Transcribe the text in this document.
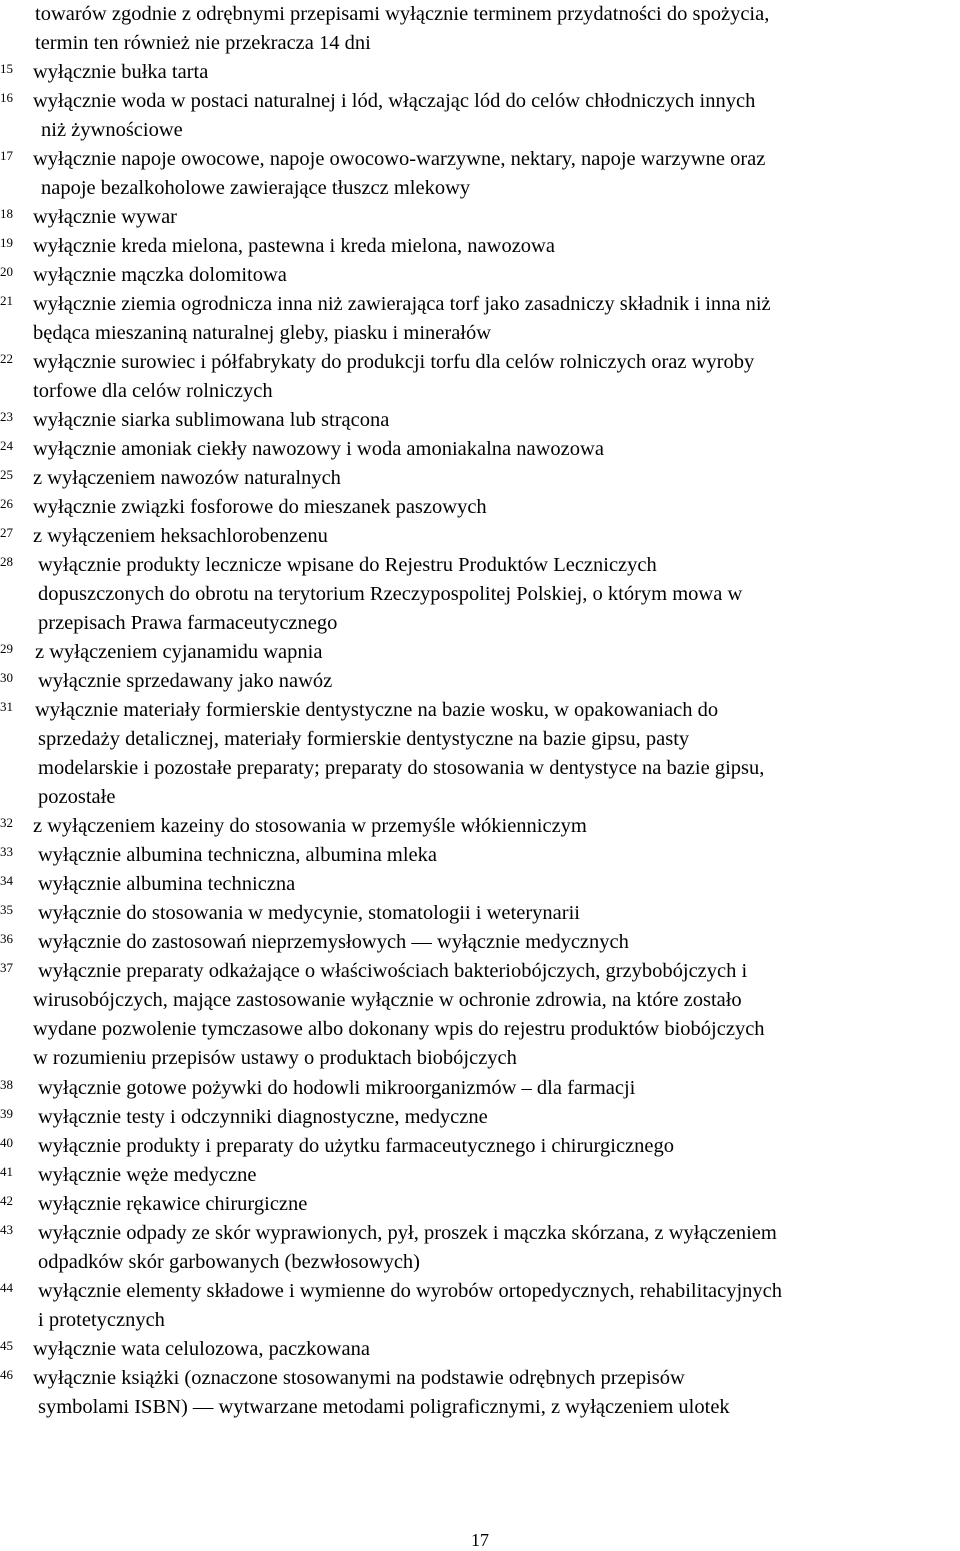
towarów zgodnie z odrębnymi przepisami wyłącznie terminem przydatności do spożycia,
termin ten również nie przekracza 14 dni
15 wyłącznie bułka tarta
16 wyłącznie woda w postaci naturalnej i lód, włączając lód do celów chłodniczych innych
niż żywnościowe
17 wyłącznie napoje owocowe, napoje owocowo-warzywne, nektary, napoje warzywne oraz
napoje bezalkoholowe zawierające tłuszcz mlekowy
18 wyłącznie wywar
19 wyłącznie kreda mielona, pastewna i kreda mielona, nawozowa
20 wyłącznie mączka dolomitowa
21 wyłącznie ziemia ogrodnicza inna niż zawierająca torf jako zasadniczy składnik i inna niż
będąca mieszaniną naturalnej gleby, piasku i minerałów
22 wyłącznie surowiec i półfabrykaty do produkcji torfu dla celów rolniczych oraz wyroby
torfowe dla celów rolniczych
23 wyłącznie siarka sublimowana lub strącona
24 wyłącznie amoniak ciekły nawozowy i woda amoniakalna nawozowa
25 z wyłączeniem nawozów naturalnych
26 wyłącznie związki fosforowe do mieszanek paszowych
27 z wyłączeniem heksachlorobenzenu
28	wyłącznie produkty lecznicze wpisane do Rejestru Produktów Leczniczych
dopuszczonych do obrotu na terytorium Rzeczypospolitej Polskiej, o którym mowa w
przepisach Prawa farmaceutycznego
29	z wyłączeniem cyjanamidu wapnia
30	wyłącznie sprzedawany jako nawóz
31	wyłącznie materiały formierskie dentystyczne na bazie wosku, w opakowaniach do
sprzedaży detalicznej, materiały formierskie dentystyczne na bazie gipsu, pasty
modelarskie i pozostałe preparaty; preparaty do stosowania w dentystyce na bazie gipsu,
pozostałe
32 z wyłączeniem kazeiny do stosowania w przemyśle włókienniczym
33	wyłącznie albumina techniczna, albumina mleka
34	wyłącznie albumina techniczna
35	wyłącznie do stosowania w medycynie, stomatologii i weterynarii
36	wyłącznie do zastosowań nieprzemysłowych — wyłącznie medycznych
37	wyłącznie preparaty odkażające o właściwościach bakteriobójczych, grzybobójczych i
wirusobójczych, mające zastosowanie wyłącznie w ochronie zdrowia, na które zostało
wydane pozwolenie tymczasowe albo dokonany wpis do rejestru produktów biobójczych
w rozumieniu przepisów ustawy o produktach biobójczych
38	wyłącznie gotowe pożywki do hodowli mikroorganizmów – dla farmacji
39	wyłącznie testy i odczynniki diagnostyczne, medyczne
40	wyłącznie produkty i preparaty do użytku farmaceutycznego i chirurgicznego
41	wyłącznie węże medyczne
42	wyłącznie rękawice chirurgiczne
43	wyłącznie odpady ze skór wyprawionych, pył, proszek i mączka skórzana, z wyłączeniem
odpadków skór garbowanych (bezwłosowych)
44	wyłącznie elementy składowe i wymienne do wyrobów ortopedycznych, rehabilitacyjnych
i protetycznych
45 wyłącznie wata celulozowa, paczkowana
46 wyłącznie książki (oznaczone stosowanymi na podstawie odrębnych przepisów
symbolami ISBN) — wytwarzane metodami poligraficznymi, z wyłączeniem ulotek
17
